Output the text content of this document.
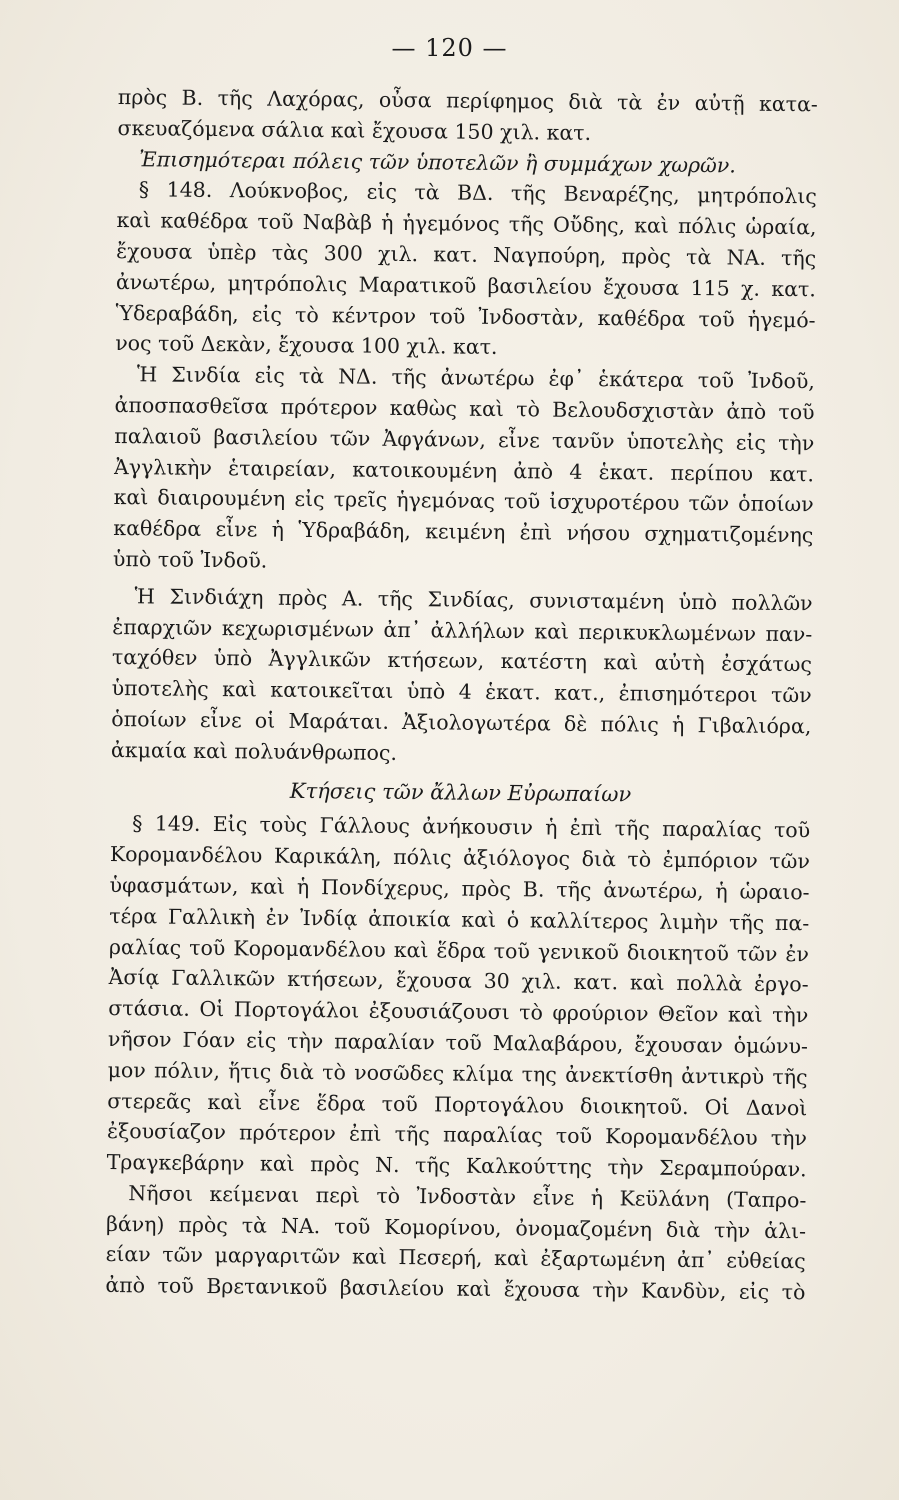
— 120 —
πρὸς Β. τῆς Λαχόρας, οὖσα περίφημος διὰ τὰ ἐν αὐτῇ κατα-
σκευαζόμενα σάλια καὶ ἔχουσα 150 χιλ. κατ.
Ἐπισημότεραι πόλεις τῶν ὑποτελῶν ἢ συμμάχων χωρῶν.
§ 148. Λούκνοβος, εἰς τὰ ΒΔ. τῆς Βεναρέζης, μητρόπολις
καὶ καθέδρα τοῦ Ναβὰβ ἡ ἡγεμόνος τῆς Οὔδης, καὶ πόλις ὡραία,
ἔχουσα ὑπὲρ τὰς 300 χιλ. κατ. Ναγπούρη, πρὸς τὰ ΝΑ. τῆς
ἀνωτέρω, μητρόπολις Μαρατικοῦ βασιλείου ἔχουσα 115 χ. κατ.
Ὑδεραβάδη, εἰς τὸ κέντρον τοῦ Ἰνδοστὰν, καθέδρα τοῦ ἡγεμό-
νος τοῦ Δεκὰν, ἔχουσα 100 χιλ. κατ.
Ἡ Σινδία εἰς τὰ ΝΔ. τῆς ἀνωτέρω ἐφ᾽ ἑκάτερα τοῦ Ἰνδοῦ,
ἀποσπασθεῖσα πρότερον καθὼς καὶ τὸ Βελουδσχιστὰν ἀπὸ τοῦ
παλαιοῦ βασιλείου τῶν Ἀφγάνων, εἶνε τανῦν ὑποτελὴς εἰς τὴν
Ἀγγλικὴν ἑταιρείαν, κατοικουμένη ἀπὸ 4 ἑκατ. περίπου κατ.
καὶ διαιρουμένη εἰς τρεῖς ἡγεμόνας τοῦ ἰσχυροτέρου τῶν ὁποίων
καθέδρα εἶνε ἡ Ὑδραβάδη, κειμένη ἐπὶ νήσου σχηματιζομένης
ὑπὸ τοῦ Ἰνδοῦ.
Ἡ Σινδιάχη πρὸς Α. τῆς Σινδίας, συνισταμένη ὑπὸ πολλῶν
ἐπαρχιῶν κεχωρισμένων ἀπ᾽ ἀλλήλων καὶ περικυκλωμένων παν-
ταχόθεν ὑπὸ Ἀγγλικῶν κτήσεων, κατέστη καὶ αὐτὴ ἐσχάτως
ὑποτελὴς καὶ κατοικεῖται ὑπὸ 4 ἑκατ. κατ., ἐπισημότεροι τῶν
ὁποίων εἶνε οἱ Μαράται. Ἀξιολογωτέρα δὲ πόλις ἡ Γιβαλιόρα,
ἀκμαία καὶ πολυάνθρωπος.
Κτήσεις τῶν ἄλλων Εὐρωπαίων
§ 149. Εἰς τοὺς Γάλλους ἀνήκουσιν ἡ ἐπὶ τῆς παραλίας τοῦ
Κορομανδέλου Καρικάλη, πόλις ἀξιόλογος διὰ τὸ ἐμπόριον τῶν
ὑφασμάτων, καὶ ἡ Πονδίχερυς, πρὸς Β. τῆς ἀνωτέρω, ἡ ὡραιο-
τέρα Γαλλικὴ ἐν Ἰνδίᾳ ἀποικία καὶ ὁ καλλίτερος λιμὴν τῆς πα-
ραλίας τοῦ Κορομανδέλου καὶ ἕδρα τοῦ γενικοῦ διοικητοῦ τῶν ἐν
Ἀσίᾳ Γαλλικῶν κτήσεων, ἔχουσα 30 χιλ. κατ. καὶ πολλὰ ἐργο-
στάσια. Οἱ Πορτογάλοι ἐξουσιάζουσι τὸ φρούριον Θεῖον καὶ τὴν
νῆσον Γόαν εἰς τὴν παραλίαν τοῦ Μαλαβάρου, ἔχουσαν ὁμώνυ-
μον πόλιν, ἥτις διὰ τὸ νοσῶδες κλίμα της ἀνεκτίσθη ἀντικρὺ τῆς
στερεᾶς καὶ εἶνε ἕδρα τοῦ Πορτογάλου διοικητοῦ. Οἱ Δανοὶ
ἐξουσίαζον πρότερον ἐπὶ τῆς παραλίας τοῦ Κορομανδέλου τὴν
Τραγκεβάρην καὶ πρὸς Ν. τῆς Καλκούττης τὴν Σεραμπούραν.
Νῆσοι κείμεναι περὶ τὸ Ἰνδοστὰν εἶνε ἡ Κεϋλάνη (Ταπρο-
βάνη) πρὸς τὰ ΝΑ. τοῦ Κομορίνου, ὀνομαζομένη διὰ τὴν ἁλι-
είαν τῶν μαργαριτῶν καὶ Πεσερή, καὶ ἐξαρτωμένη ἀπ᾽ εὐθείας
ἀπὸ τοῦ Βρετανικοῦ βασιλείου καὶ ἔχουσα τὴν Κανδὺν, εἰς τὸ
